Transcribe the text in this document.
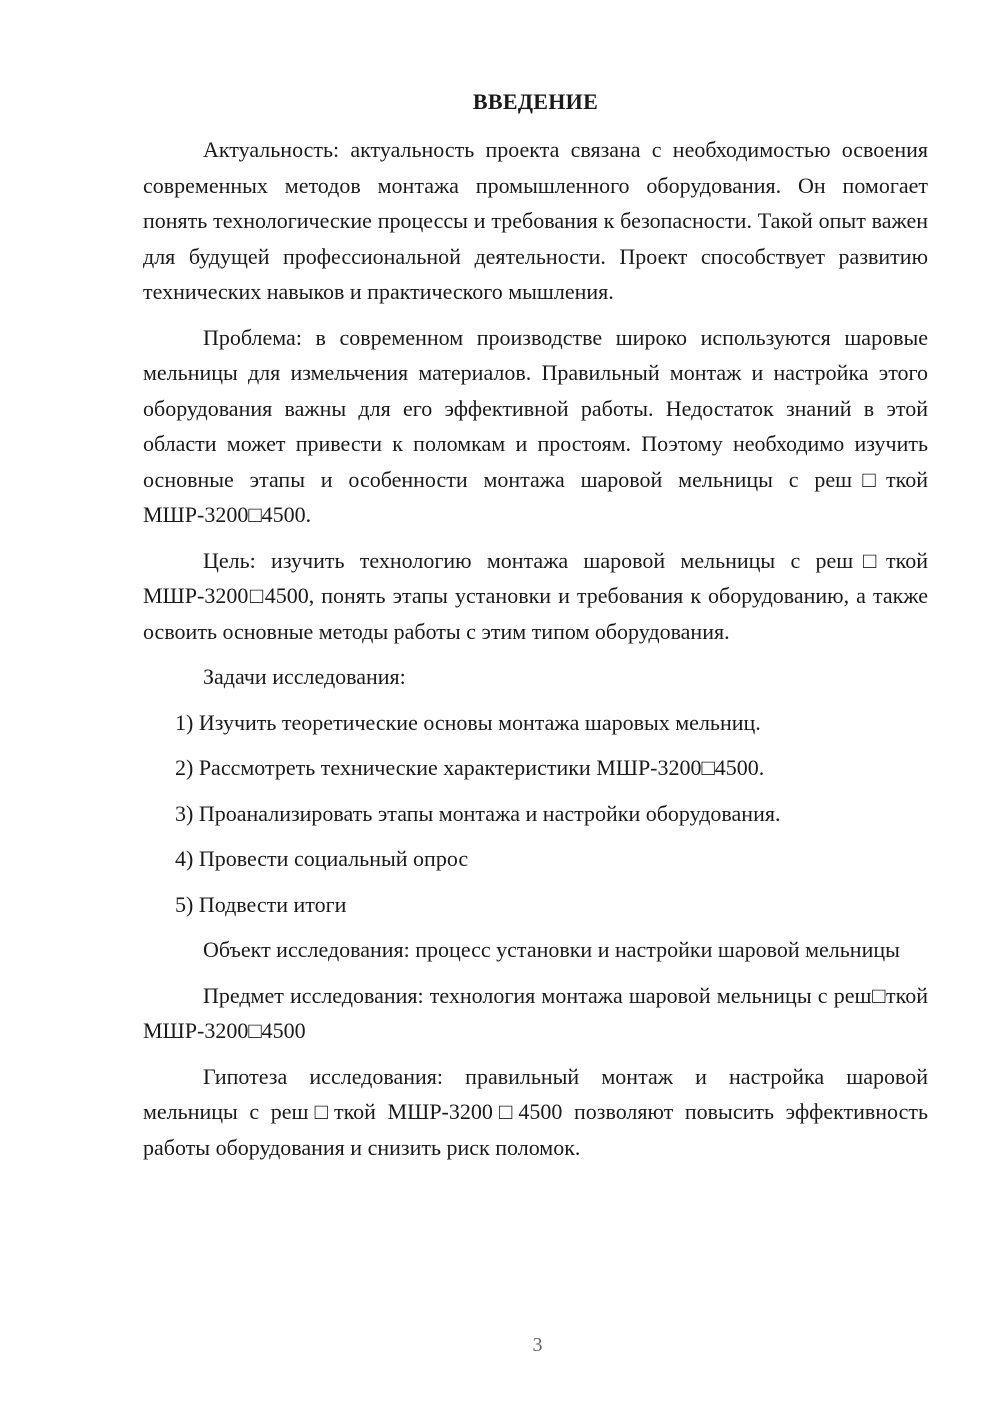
ВВЕДЕНИЕ

Актуальность: актуальность проекта связана с необходимостью освоения современных методов монтажа промышленного оборудования. Он помогает понять технологические процессы и требования к безопасности. Такой опыт важен для будущей профессиональной деятельности. Проект способствует развитию технических навыков и практического мышления.

Проблема: в современном производстве широко используются шаровые мельницы для измельчения материалов. Правильный монтаж и настройка этого оборудования важны для его эффективной работы. Недостаток знаний в этой области может привести к поломкам и простоям. Поэтому необходимо изучить основные этапы и особенности монтажа шаровой мельницы с реш□ткой МШР-3200□4500.

Цель: изучить технологию монтажа шаровой мельницы с реш□ткой МШР-3200□4500, понять этапы установки и требования к оборудованию, а также освоить основные методы работы с этим типом оборудования.

Задачи исследования:

1) Изучить теоретические основы монтажа шаровых мельниц.
2) Рассмотреть технические характеристики МШР-3200□4500.
3) Проанализировать этапы монтажа и настройки оборудования.
4) Провести социальный опрос
5) Подвести итоги

Объект исследования: процесс установки и настройки шаровой мельницы

Предмет исследования: технология монтажа шаровой мельницы с реш□ткой МШР-3200□4500

Гипотеза исследования: правильный монтаж и настройка шаровой мельницы с реш□ткой МШР-3200□4500 позволяют повысить эффективность работы оборудования и снизить риск поломок.

3
